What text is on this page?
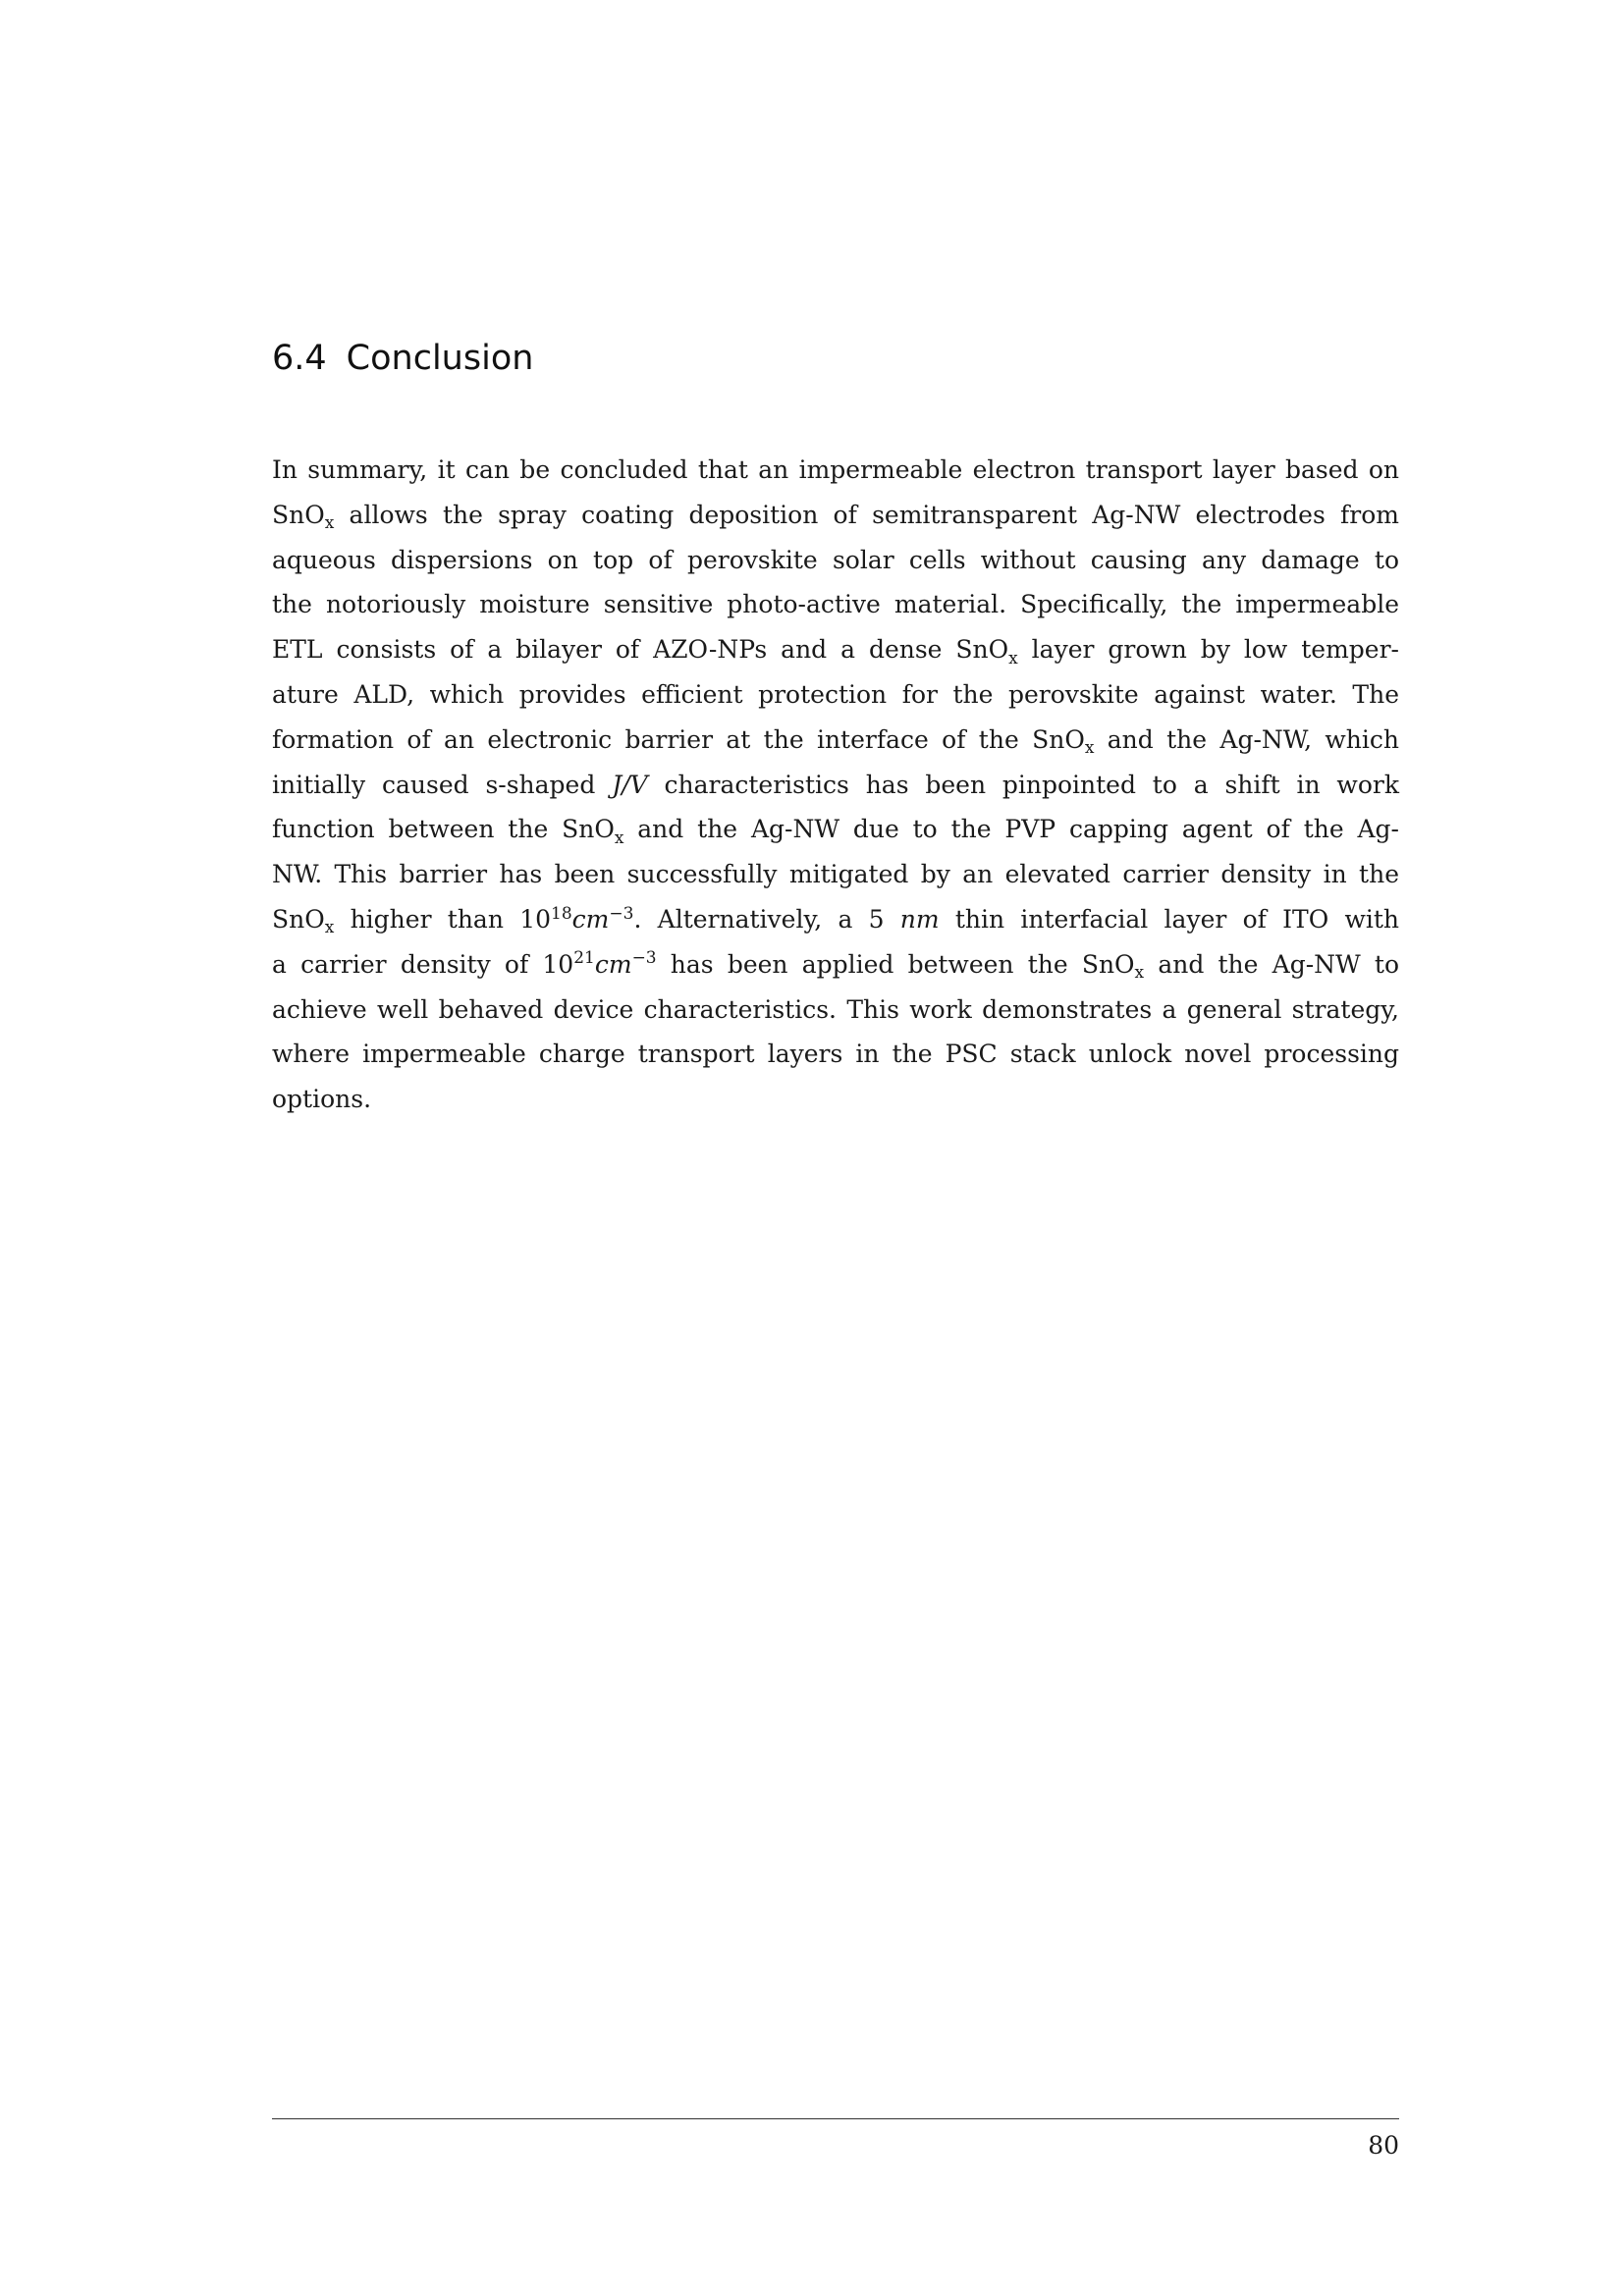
6.4 Conclusion
In summary, it can be concluded that an impermeable electron transport layer based on
SnO$_x$ allows the spray coating deposition of semitransparent Ag-NW electrodes from
aqueous dispersions on top of perovskite solar cells without causing any damage to
the notoriously moisture sensitive photo-active material. Specifically, the impermeable
ETL consists of a bilayer of AZO-NPs and a dense SnO$_x$ layer grown by low temper-
ature ALD, which provides efficient protection for the perovskite against water. The
formation of an electronic barrier at the interface of the SnO$_x$ and the Ag-NW, which
initially caused s-shaped J/V characteristics has been pinpointed to a shift in work
function between the SnO$_x$ and the Ag-NW due to the PVP capping agent of the Ag-
NW. This barrier has been successfully mitigated by an elevated carrier density in the
SnO$_x$ higher than $10^{18}cm^{-3}$. Alternatively, a 5 nm thin interfacial layer of ITO with
a carrier density of $10^{21}cm^{-3}$ has been applied between the SnO$_x$ and the Ag-NW to
achieve well behaved device characteristics. This work demonstrates a general strategy,
where impermeable charge transport layers in the PSC stack unlock novel processing
options.
80
